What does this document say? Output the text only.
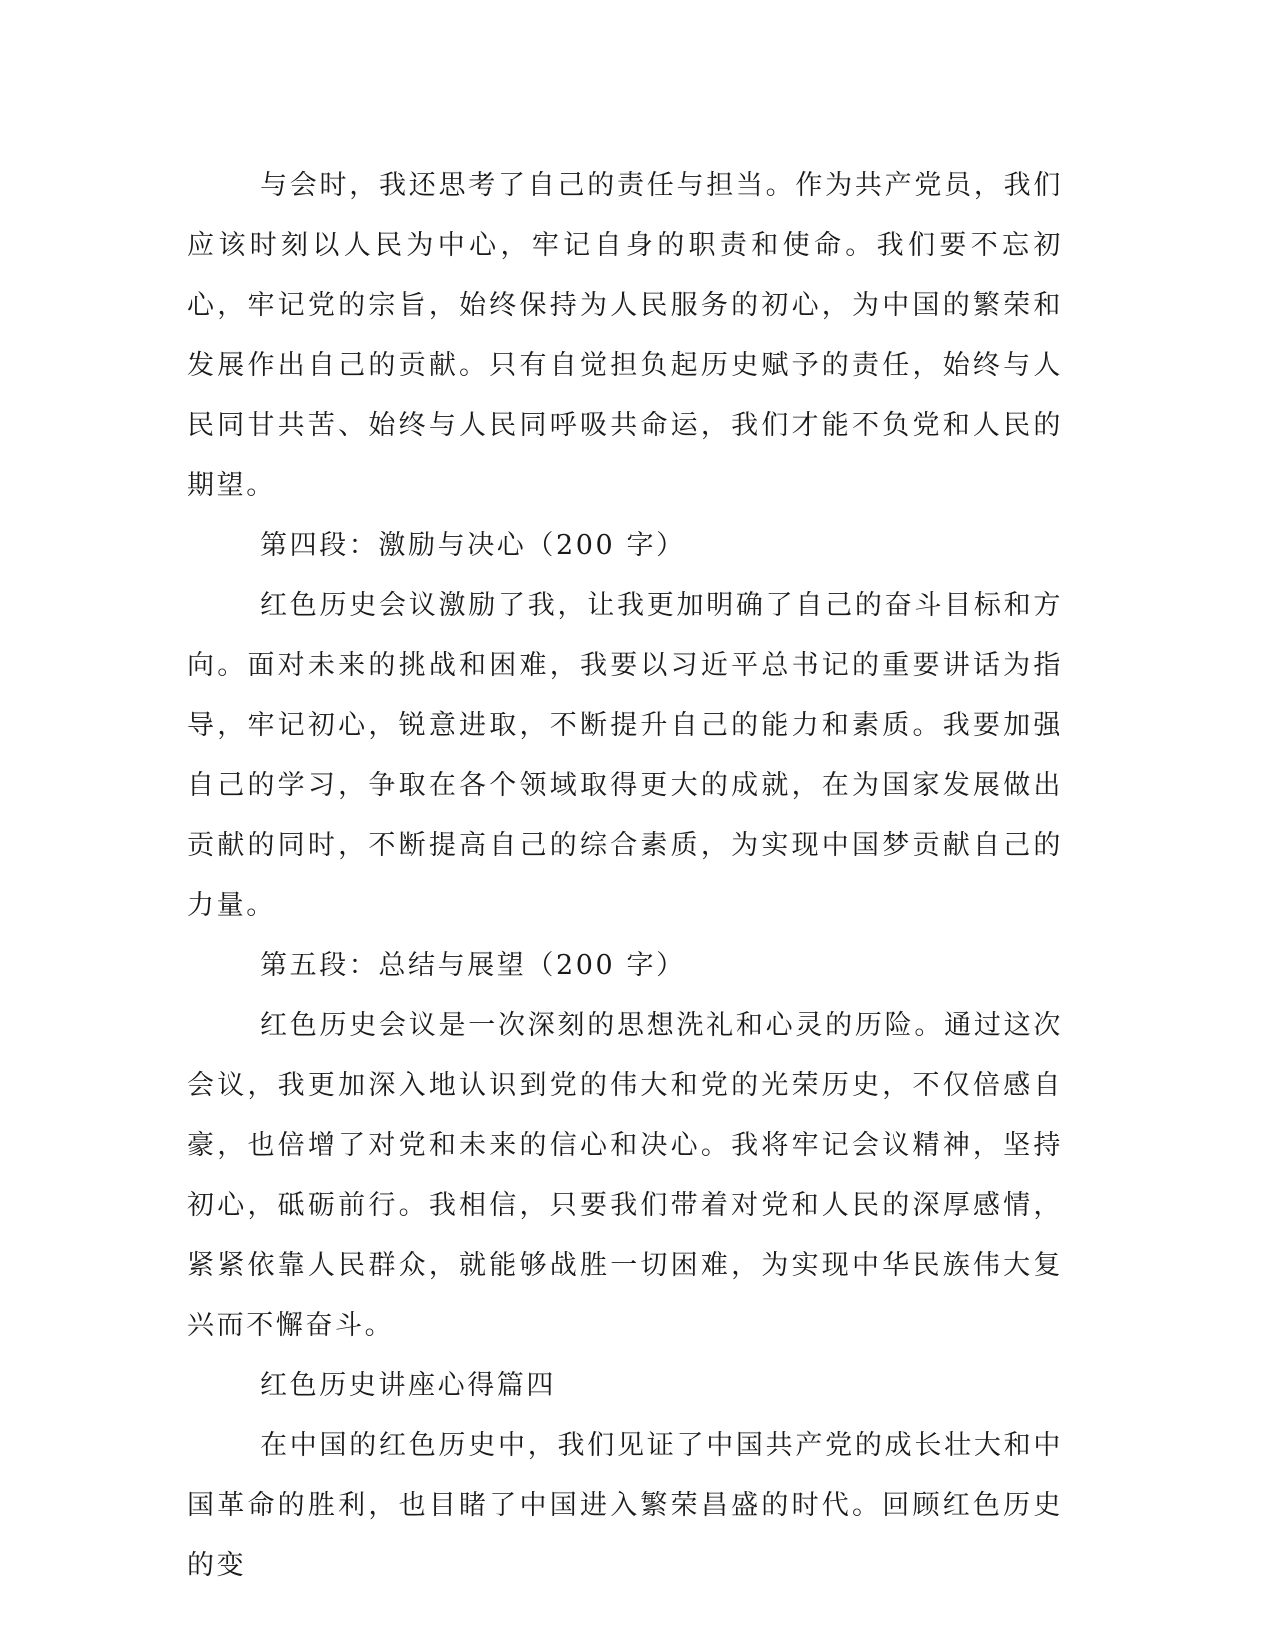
与会时，我还思考了自己的责任与担当。作为共产党员，我们应该时刻以人民为中心，牢记自身的职责和使命。我们要不忘初心，牢记党的宗旨，始终保持为人民服务的初心，为中国的繁荣和发展作出自己的贡献。只有自觉担负起历史赋予的责任，始终与人民同甘共苦、始终与人民同呼吸共命运，我们才能不负党和人民的期望。

第四段：激励与决心（200 字）

红色历史会议激励了我，让我更加明确了自己的奋斗目标和方向。面对未来的挑战和困难，我要以习近平总书记的重要讲话为指导，牢记初心，锐意进取，不断提升自己的能力和素质。我要加强自己的学习，争取在各个领域取得更大的成就，在为国家发展做出贡献的同时，不断提高自己的综合素质，为实现中国梦贡献自己的力量。

第五段：总结与展望（200 字）

红色历史会议是一次深刻的思想洗礼和心灵的历险。通过这次会议，我更加深入地认识到党的伟大和党的光荣历史，不仅倍感自豪，也倍增了对党和未来的信心和决心。我将牢记会议精神，坚持初心，砥砺前行。我相信，只要我们带着对党和人民的深厚感情，紧紧依靠人民群众，就能够战胜一切困难，为实现中华民族伟大复兴而不懈奋斗。

红色历史讲座心得篇四

在中国的红色历史中，我们见证了中国共产党的成长壮大和中国革命的胜利，也目睹了中国进入繁荣昌盛的时代。回顾红色历史的变
